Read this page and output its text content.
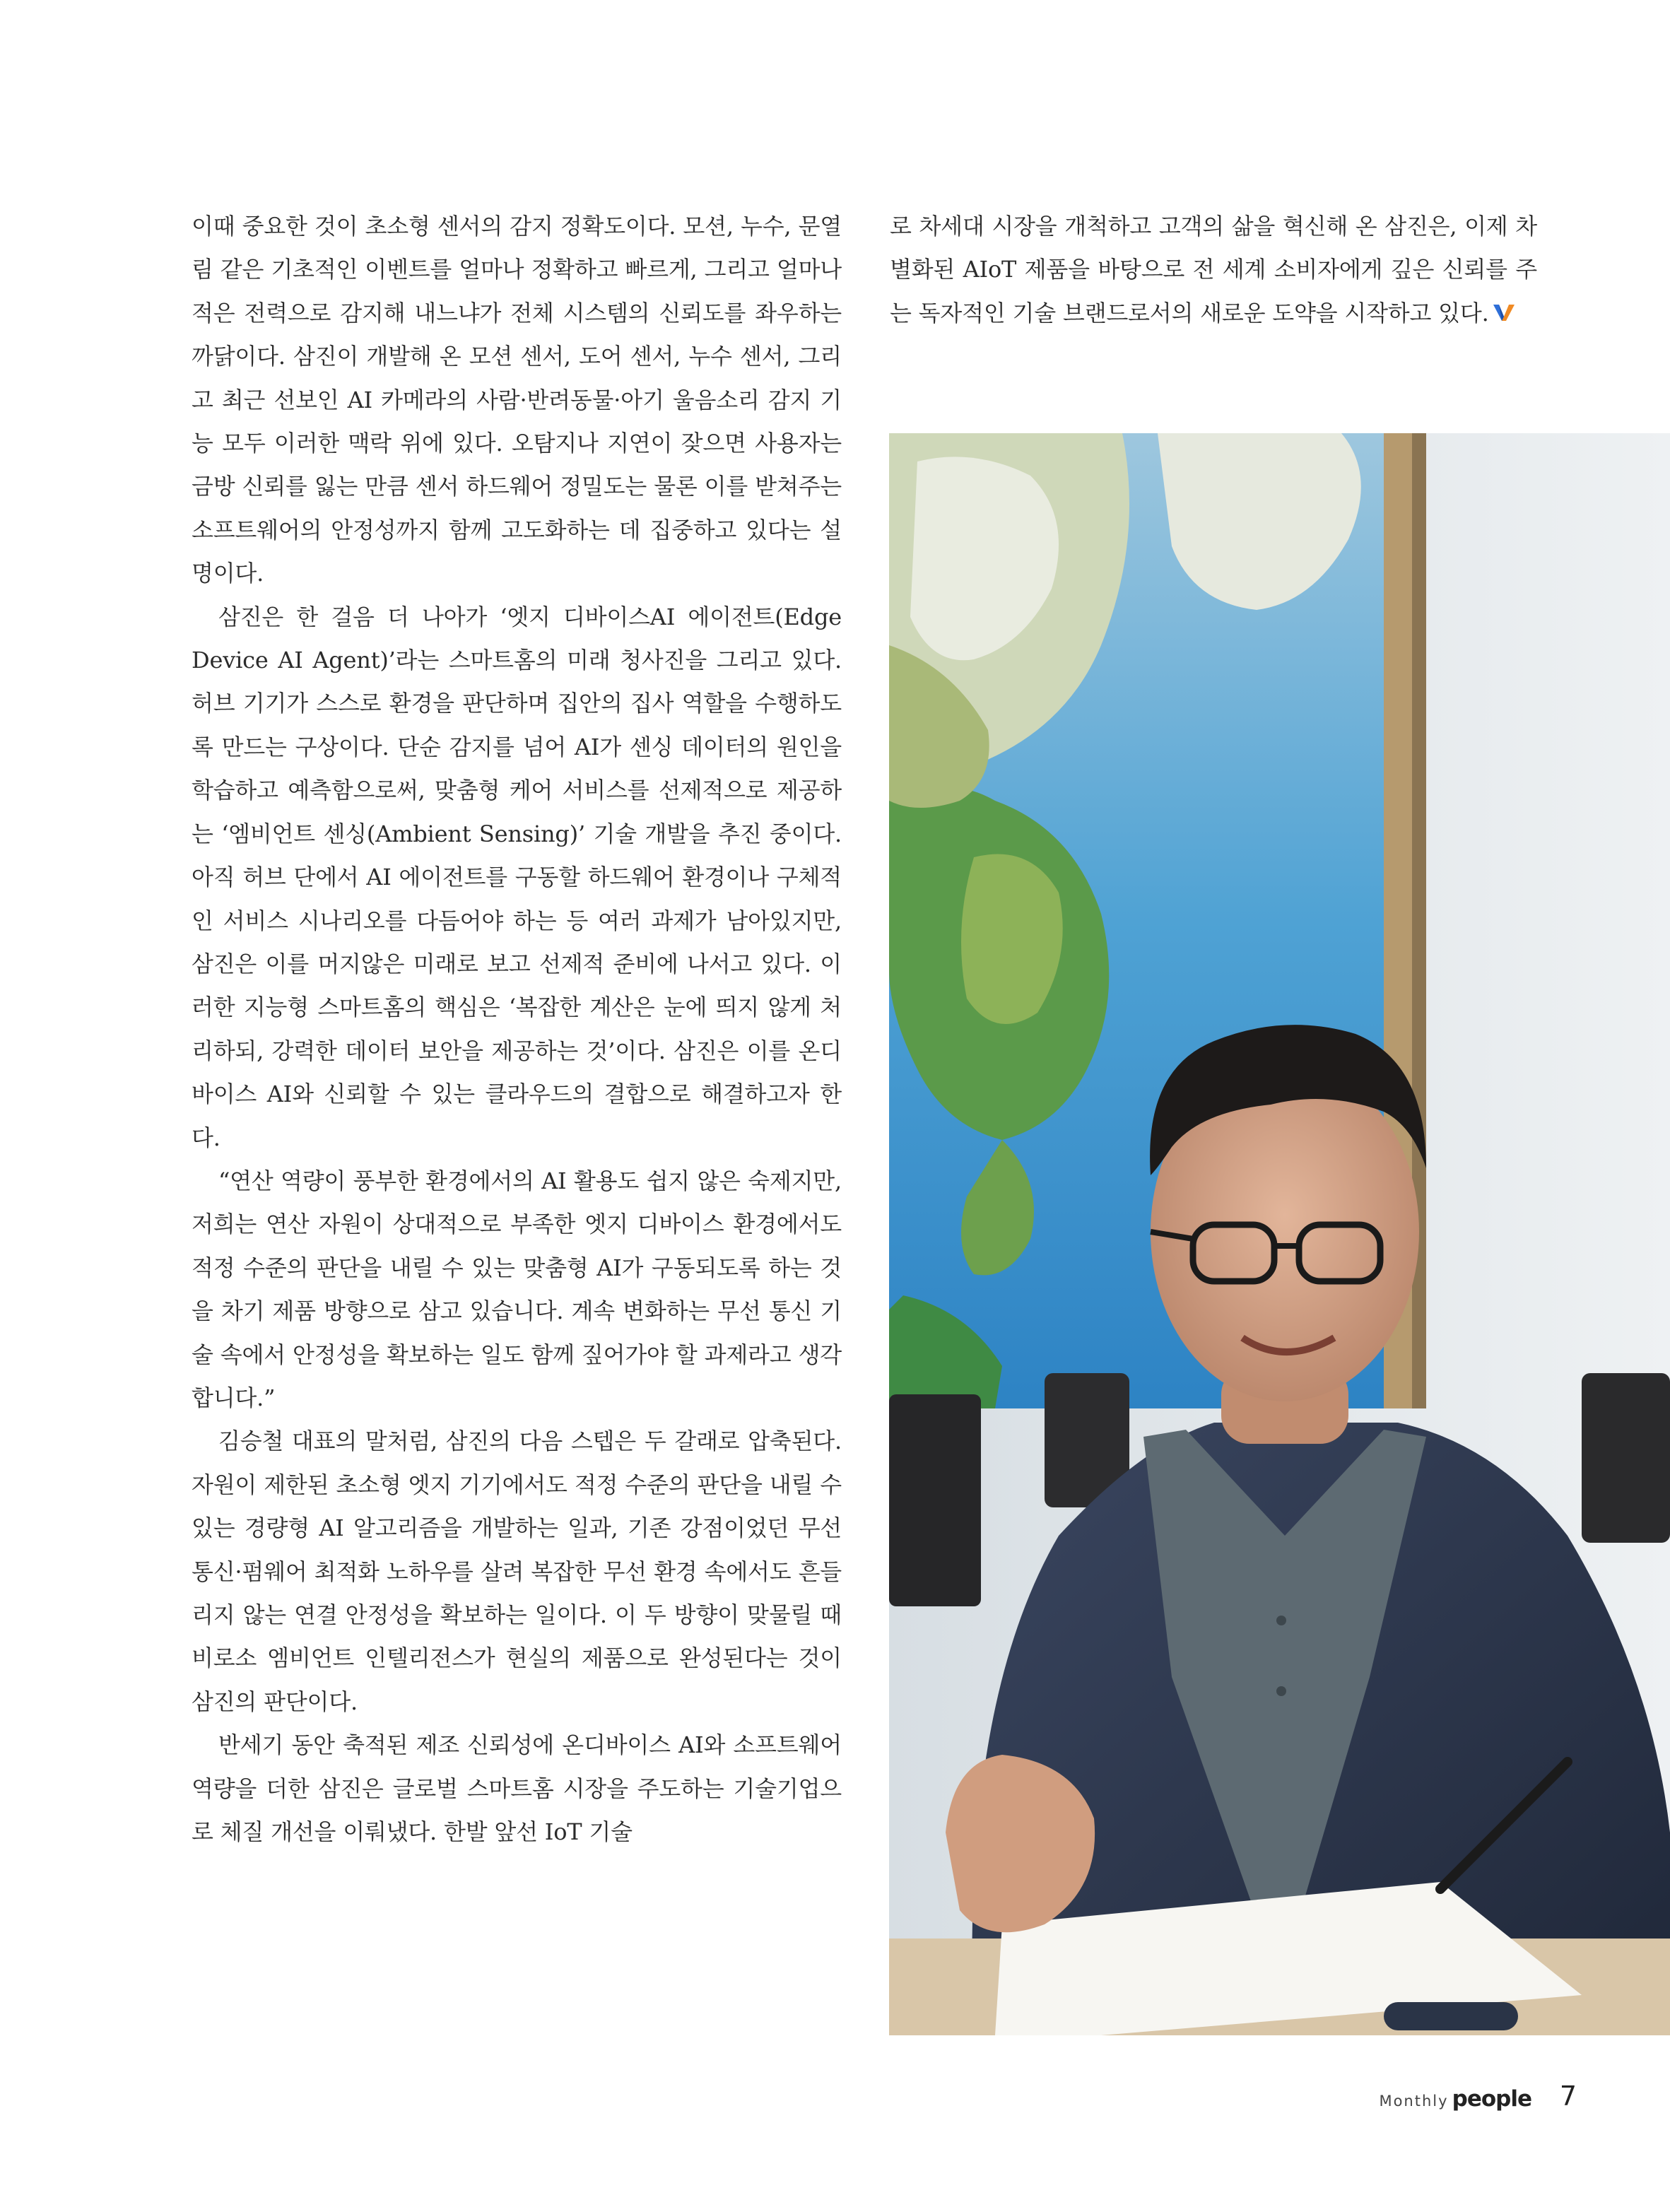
이때 중요한 것이 초소형 센서의 감지 정확도이다. 모션, 누수, 문열림 같은 기초적인 이벤트를 얼마나 정확하고 빠르게, 그리고 얼마나 적은 전력으로 감지해 내느냐가 전체 시스템의 신뢰도를 좌우하는 까닭이다. 삼진이 개발해 온 모션 센서, 도어 센서, 누수 센서, 그리고 최근 선보인 AI 카메라의 사람·반려동물·아기 울음소리 감지 기능 모두 이러한 맥락 위에 있다. 오탐지나 지연이 잦으면 사용자는 금방 신뢰를 잃는 만큼 센서 하드웨어 정밀도는 물론 이를 받쳐주는 소프트웨어의 안정성까지 함께 고도화하는 데 집중하고 있다는 설명이다.

삼진은 한 걸음 더 나아가 ‘엣지 디바이스AI 에이전트(Edge Device AI Agent)’라는 스마트홈의 미래 청사진을 그리고 있다. 허브 기기가 스스로 환경을 판단하며 집안의 집사 역할을 수행하도록 만드는 구상이다. 단순 감지를 넘어 AI가 센싱 데이터의 원인을 학습하고 예측함으로써, 맞춤형 케어 서비스를 선제적으로 제공하는 ‘엠비언트 센싱(Ambient Sensing)’ 기술 개발을 추진 중이다. 아직 허브 단에서 AI 에이전트를 구동할 하드웨어 환경이나 구체적인 서비스 시나리오를 다듬어야 하는 등 여러 과제가 남아있지만, 삼진은 이를 머지않은 미래로 보고 선제적 준비에 나서고 있다. 이러한 지능형 스마트홈의 핵심은 ‘복잡한 계산은 눈에 띄지 않게 처리하되, 강력한 데이터 보안을 제공하는 것’이다. 삼진은 이를 온디바이스 AI와 신뢰할 수 있는 클라우드의 결합으로 해결하고자 한다.

“연산 역량이 풍부한 환경에서의 AI 활용도 쉽지 않은 숙제지만, 저희는 연산 자원이 상대적으로 부족한 엣지 디바이스 환경에서도 적정 수준의 판단을 내릴 수 있는 맞춤형 AI가 구동되도록 하는 것을 차기 제품 방향으로 삼고 있습니다. 계속 변화하는 무선 통신 기술 속에서 안정성을 확보하는 일도 함께 짚어가야 할 과제라고 생각합니다.”

김승철 대표의 말처럼, 삼진의 다음 스텝은 두 갈래로 압축된다. 자원이 제한된 초소형 엣지 기기에서도 적정 수준의 판단을 내릴 수 있는 경량형 AI 알고리즘을 개발하는 일과, 기존 강점이었던 무선 통신·펌웨어 최적화 노하우를 살려 복잡한 무선 환경 속에서도 흔들리지 않는 연결 안정성을 확보하는 일이다. 이 두 방향이 맞물릴 때 비로소 엠비언트 인텔리전스가 현실의 제품으로 완성된다는 것이 삼진의 판단이다.

반세기 동안 축적된 제조 신뢰성에 온디바이스 AI와 소프트웨어 역량을 더한 삼진은 글로벌 스마트홈 시장을 주도하는 기술기업으로 체질 개선을 이뤄냈다. 한발 앞선 IoT 기술

로 차세대 시장을 개척하고 고객의 삶을 혁신해 온 삼진은, 이제 차별화된 AIoT 제품을 바탕으로 전 세계 소비자에게 깊은 신뢰를 주는 독자적인 기술 브랜드로서의 새로운 도약을 시작하고 있다.

Monthly people 7
